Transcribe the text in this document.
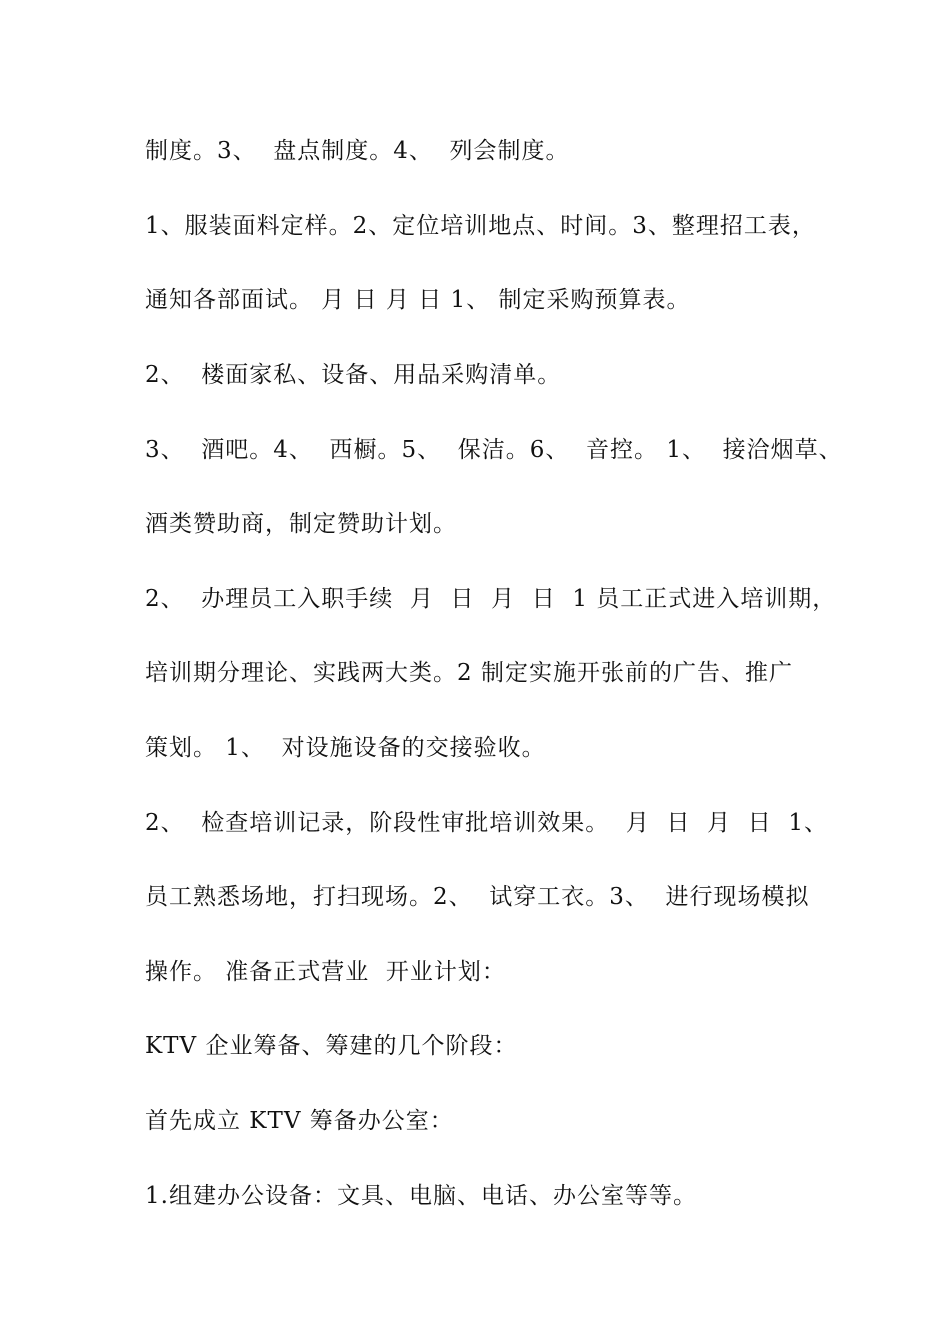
制度。3、  盘点制度。4、  列会制度。
1、服装面料定样。2、定位培训地点、时间。3、整理招工表，
通知各部面试。 月 日 月 日 1、 制定采购预算表。
2、  楼面家私、设备、用品采购清单。
3、  酒吧。4、  西橱。5、  保洁。6、  音控。 1、  接洽烟草、
酒类赞助商，制定赞助计划。
2、  办理员工入职手续  月  日  月  日  1 员工正式进入培训期，
培训期分理论、实践两大类。2 制定实施开张前的广告、推广
策划。 1、  对设施设备的交接验收。
2、  检查培训记录，阶段性审批培训效果。  月  日  月  日  1、
员工熟悉场地，打扫现场。2、  试穿工衣。3、  进行现场模拟
操作。 准备正式营业  开业计划：
KTV 企业筹备、筹建的几个阶段：
首先成立 KTV 筹备办公室：
1.组建办公设备：文具、电脑、电话、办公室等等。
